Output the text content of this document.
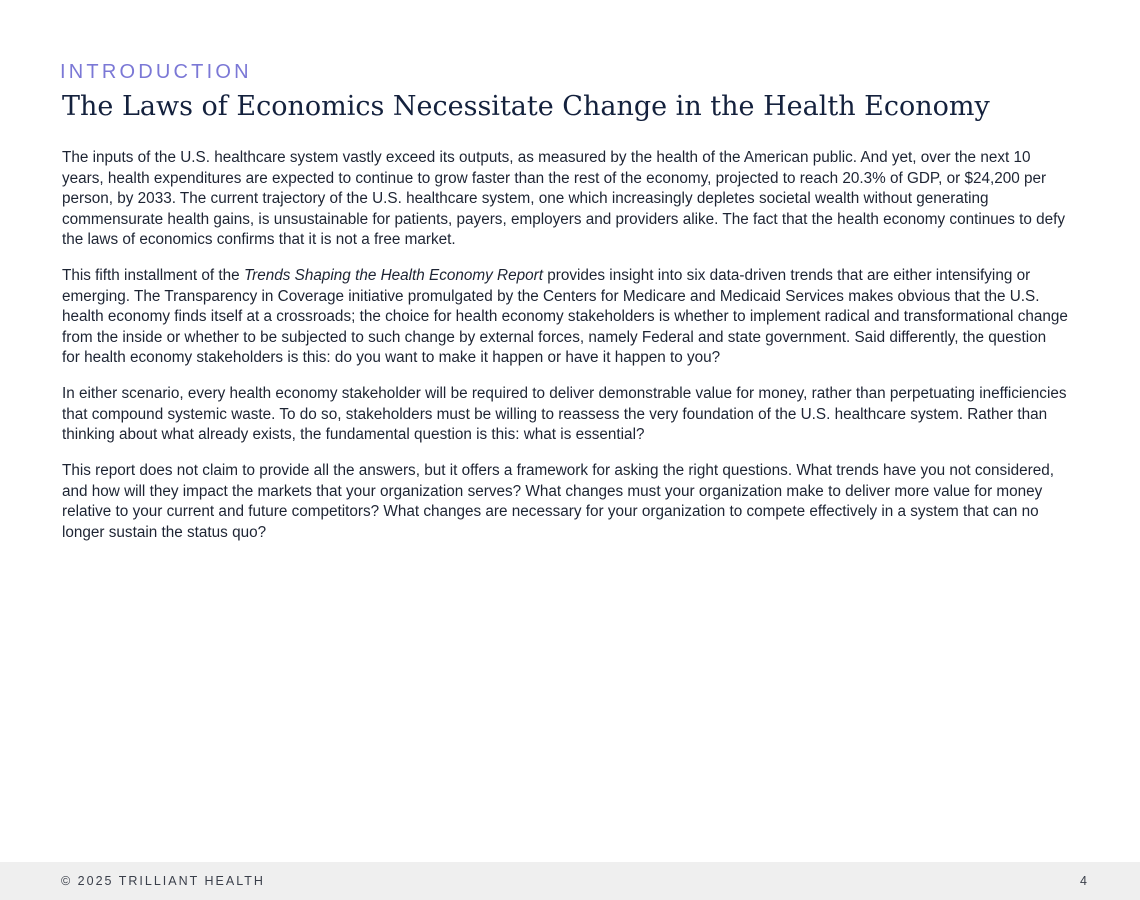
INTRODUCTION
The Laws of Economics Necessitate Change in the Health Economy

The inputs of the U.S. healthcare system vastly exceed its outputs, as measured by the health of the American public. And yet, over the next 10 years, health expenditures are expected to continue to grow faster than the rest of the economy, projected to reach 20.3% of GDP, or $24,200 per person, by 2033. The current trajectory of the U.S. healthcare system, one which increasingly depletes societal wealth without generating commensurate health gains, is unsustainable for patients, payers, employers and providers alike. The fact that the health economy continues to defy the laws of economics confirms that it is not a free market.

This fifth installment of the Trends Shaping the Health Economy Report provides insight into six data-driven trends that are either intensifying or emerging. The Transparency in Coverage initiative promulgated by the Centers for Medicare and Medicaid Services makes obvious that the U.S. health economy finds itself at a crossroads; the choice for health economy stakeholders is whether to implement radical and transformational change from the inside or whether to be subjected to such change by external forces, namely Federal and state government. Said differently, the question for health economy stakeholders is this: do you want to make it happen or have it happen to you?

In either scenario, every health economy stakeholder will be required to deliver demonstrable value for money, rather than perpetuating inefficiencies that compound systemic waste. To do so, stakeholders must be willing to reassess the very foundation of the U.S. healthcare system. Rather than thinking about what already exists, the fundamental question is this: what is essential?

This report does not claim to provide all the answers, but it offers a framework for asking the right questions. What trends have you not considered, and how will they impact the markets that your organization serves? What changes must your organization make to deliver more value for money relative to your current and future competitors? What changes are necessary for your organization to compete effectively in a system that can no longer sustain the status quo?

© 2025 TRILLIANT HEALTH	4
